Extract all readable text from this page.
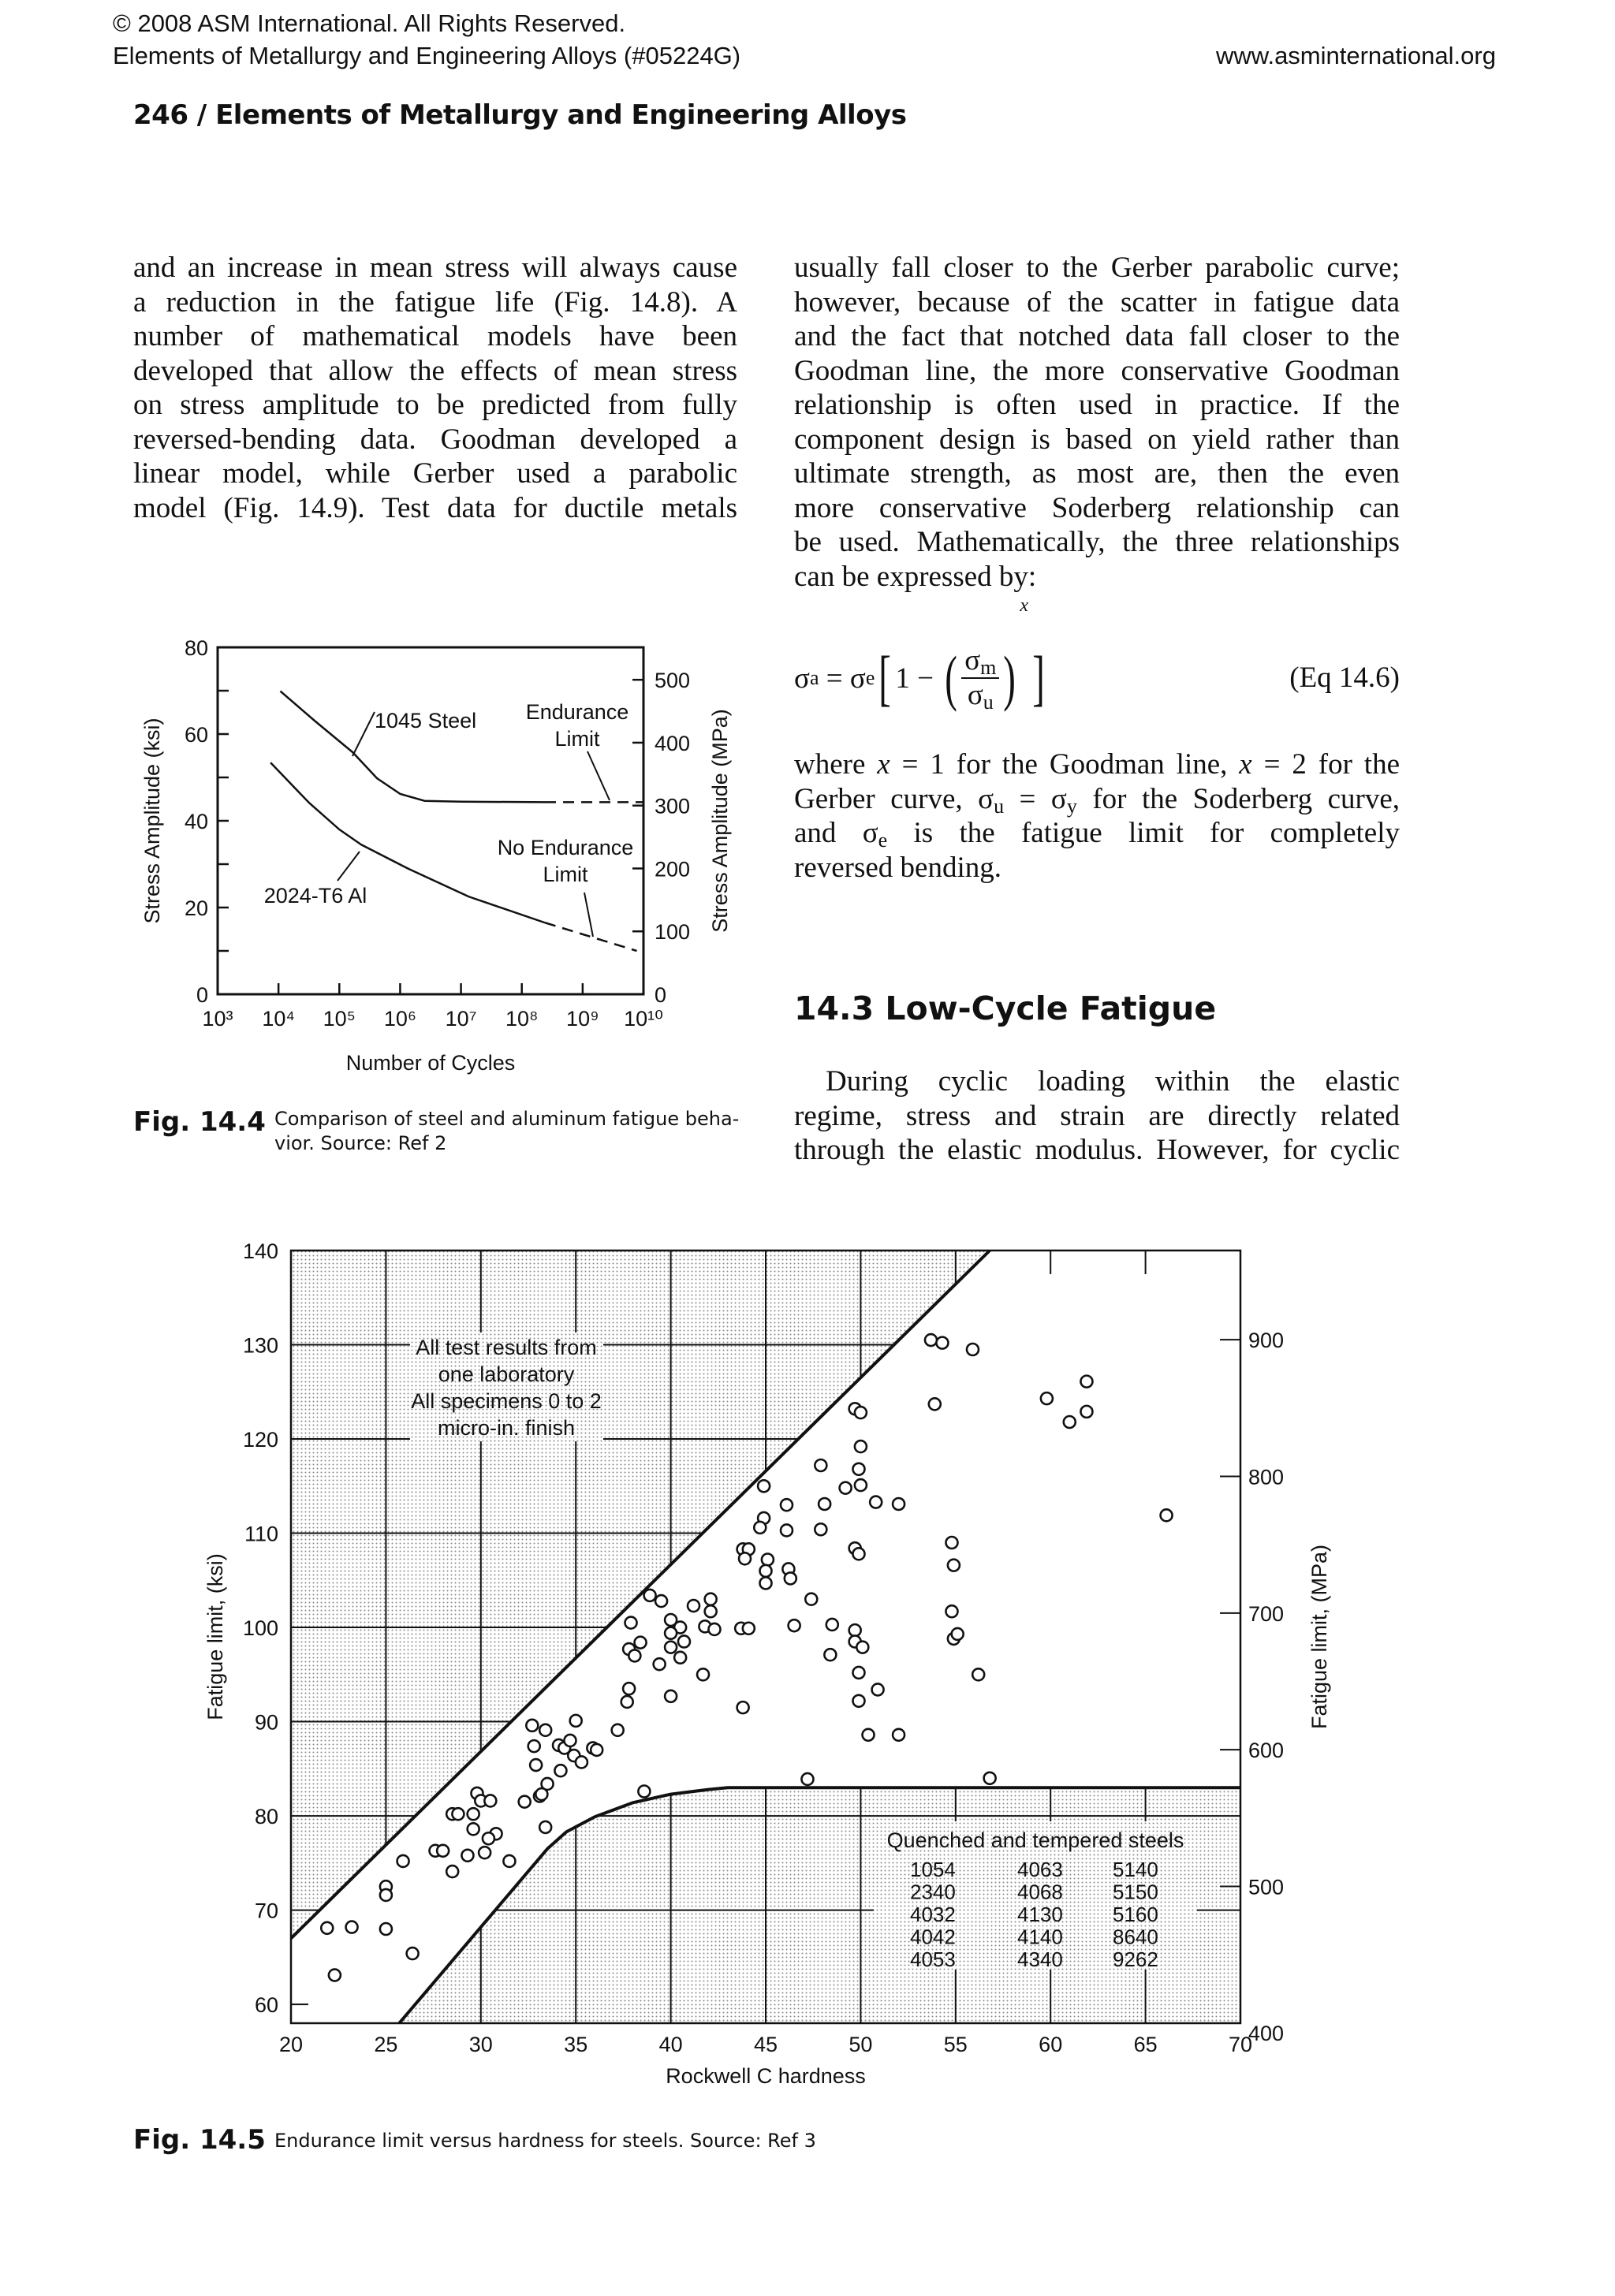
© 2008 ASM International. All Rights Reserved.
Elements of Metallurgy and Engineering Alloys (#05224G)	www.asminternational.org
246 / Elements of Metallurgy and Engineering Alloys
and an increase in mean stress will always cause
a reduction in the fatigue life (Fig. 14.8). A
number of mathematical models have been
developed that allow the effects of mean stress
on stress amplitude to be predicted from fully
reversed-bending data. Goodman developed a
linear model, while Gerber used a parabolic
model (Fig. 14.9). Test data for ductile metals
usually fall closer to the Gerber parabolic curve;
however, because of the scatter in fatigue data
and the fact that notched data fall closer to the
Goodman line, the more conservative Goodman
relationship is often used in practice. If the
component design is based on yield rather than
ultimate strength, as most are, then the even
more conservative Soderberg relationship can
be used. Mathematically, the three relationships
can be expressed by:
σ a = σ e [ 1 − ( $\frac{\sigma_m}{\sigma_u}$ )
x
]	(Eq 14.6)
where x = 1 for the Goodman line, x = 2 for the
Gerber curve, $\sigma_u = \sigma_y$ for the Soderberg curve,
and $\sigma_e$ is the fatigue limit for completely
reversed bending.
14.3 Low-Cycle Fatigue
During cyclic loading within the elastic
regime, stress and strain are directly related
through the elastic modulus. However, for cyclic
Fig. 14.4 Comparison of steel and aluminum fatigue beha-
vior. Source: Ref 2
Fig. 14.5 Endurance limit versus hardness for steels. Source: Ref 3
0
20
40
60
80
0
100
200
300
400
500
10³ 10⁴ 10⁵ 10⁶ 10⁷ 10⁸ 10⁹ 10¹⁰
Number of Cycles
Stress Amplitude (ksi)	Stress Amplitude (MPa)
1045 Steel
2024-T6 Al
Endurance
Limit
No Endurance
Limit
All test results from
one laboratory
All specimens 0 to 2
micro-in. finish
Quenched and tempered steels
1054
2340
4032
4042
4053
4063
4068
4130
4140
4340
5140
5150
5160
8640
9262
60
70
80
90
100
110
120
130
140
400
500
600
700
800
900
20	25	30	35	40	45	50	55	60	65	70
Rockwell C hardness
Fatigue limit, (ksi)	Fatigue limit, (MPa)
